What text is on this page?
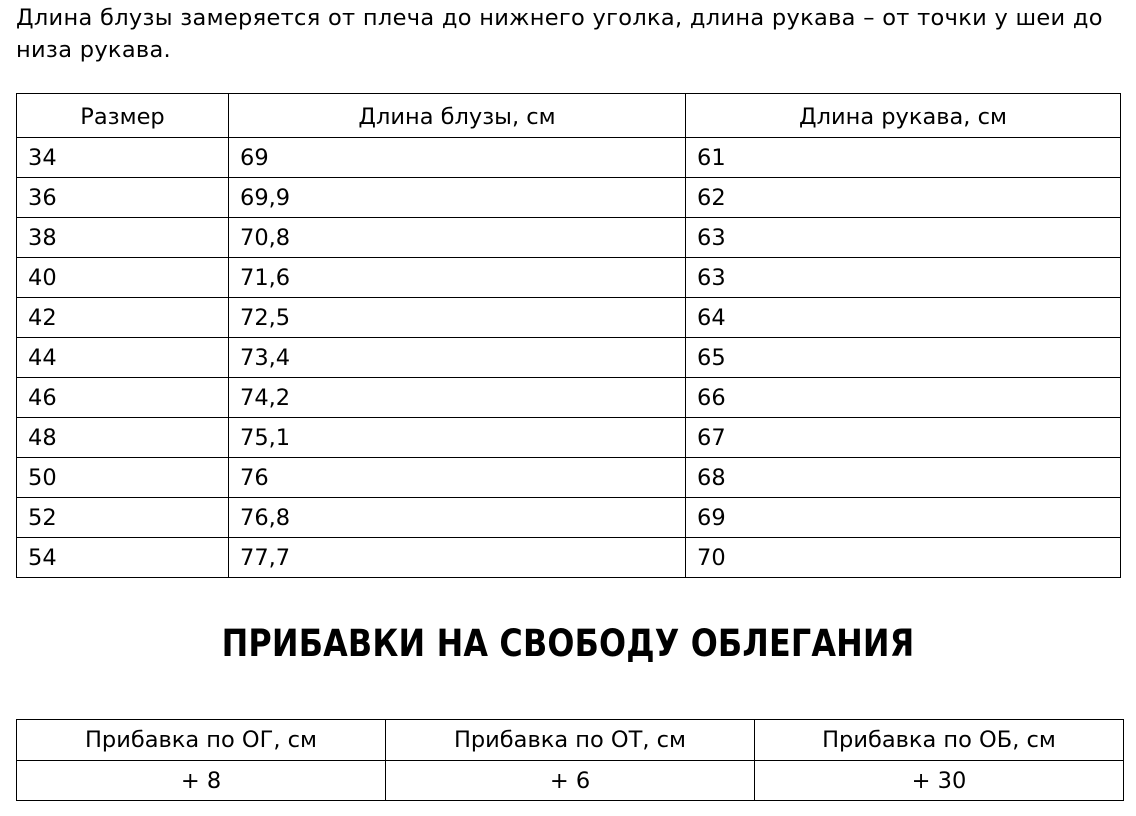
Длина блузы замеряется от плеча до нижнего уголка, длина рукава – от точки у шеи до низа рукава.

Размер	Длина блузы, см	Длина рукава, см
34	69	61
36	69,9	62
38	70,8	63
40	71,6	63
42	72,5	64
44	73,4	65
46	74,2	66
48	75,1	67
50	76	68
52	76,8	69
54	77,7	70
ПРИБАВКИ НА СВОБОДУ ОБЛЕГАНИЯ
Прибавка по ОГ, см	Прибавка по ОТ, см	Прибавка по ОБ, см
+ 8	+ 6	+ 30
